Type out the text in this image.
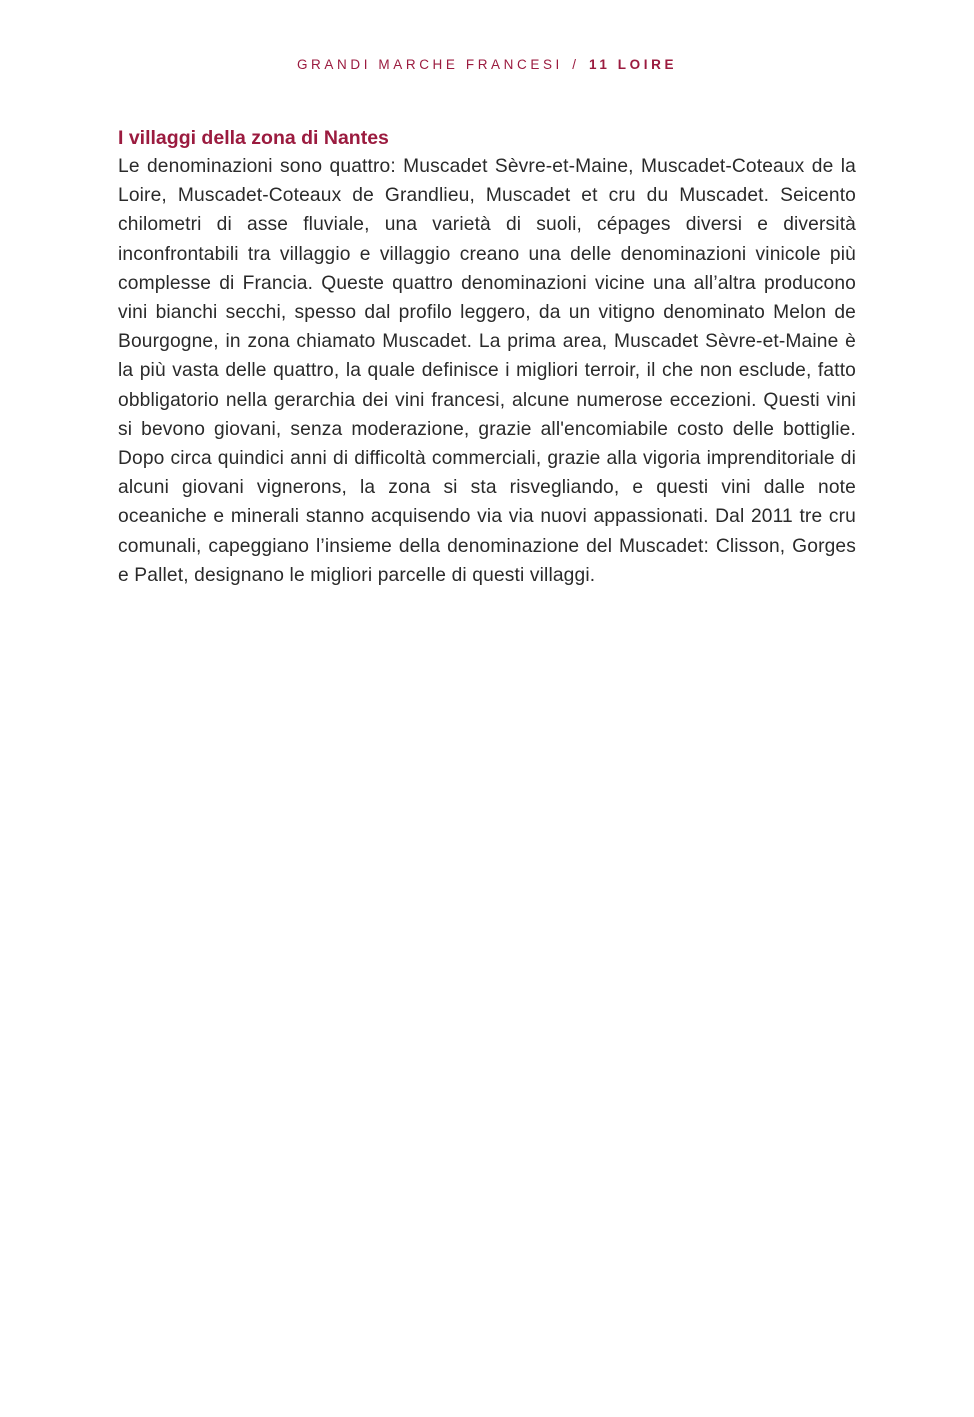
GRANDI MARCHE FRANCESI / 11 LOIRE
I villaggi della zona di Nantes

Le denominazioni sono quattro: Muscadet Sèvre-et-Maine, Muscadet-Coteaux de la Loire, Muscadet-Coteaux de Grandlieu, Muscadet et cru du Muscadet. Seicento chilometri di asse fluviale, una varietà di suoli, cépages diversi e diversità inconfrontabili tra villaggio e villaggio creano una delle denominazioni vinicole più complesse di Francia. Queste quattro denominazioni vicine una all’altra producono vini bianchi secchi, spesso dal profilo leggero, da un vitigno denominato Melon de Bourgogne, in zona chiamato Muscadet. La prima area, Muscadet Sèvre-et-Maine è la più vasta delle quattro, la quale definisce i migliori terroir, il che non esclude, fatto obbligatorio nella gerarchia dei vini francesi, alcune numerose eccezioni. Questi vini si bevono giovani, senza moderazione, grazie all'encomiabile costo delle bottiglie. Dopo circa quindici anni di difficoltà commerciali, grazie alla vigoria imprenditoriale di alcuni giovani vignerons, la zona si sta risvegliando, e questi vini dalle note oceaniche e minerali stanno acquisendo via via nuovi appassionati. Dal 2011 tre cru comunali, capeggiano l’insieme della denominazione del Muscadet: Clisson, Gorges e Pallet, designano le migliori parcelle di questi villaggi.
